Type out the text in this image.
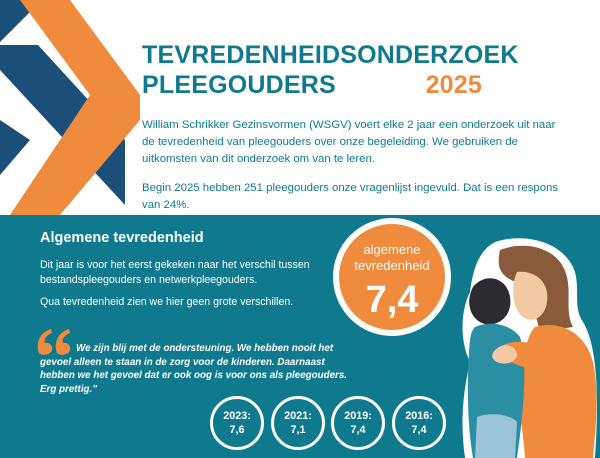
TEVREDENHEIDSONDERZOEK
PLEEGOUDERS	2025

William Schrikker Gezinsvormen (WSGV) voert elke 2 jaar een onderzoek uit naar de tevredenheid van pleegouders over onze begeleiding. We gebruiken de uitkomsten van dit onderzoek om van te leren.

Begin 2025 hebben 251 pleegouders onze vragenlijst ingevuld. Dat is een respons van 24%.

Algemene tevredenheid

Dit jaar is voor het eerst gekeken naar het verschil tussen bestandspleegouders en netwerkpleegouders.

Qua tevredenheid zien we hier geen grote verschillen.

We zijn blij met de ondersteuning. We hebben nooit het gevoel alleen te staan in de zorg voor de kinderen. Daarnaast hebben we het gevoel dat er ook oog is voor ons als pleegouders. Erg prettig.”
algemene
tevredenheid
7,4
2023:
7,6
2021:
7,1
2019:
7,4
2016:
7,4
